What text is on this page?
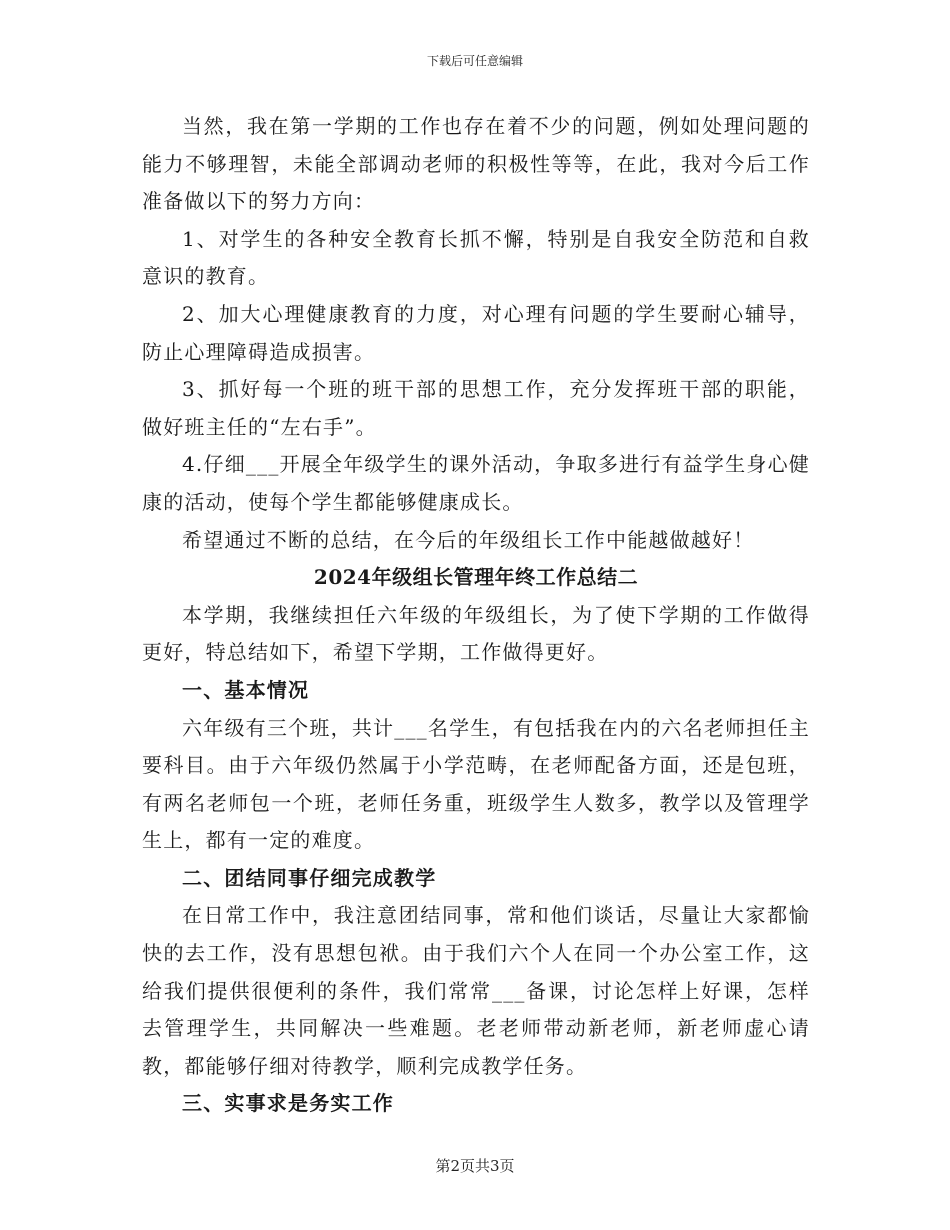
下载后可任意编辑

当然，我在第一学期的工作也存在着不少的问题，例如处理问题的能力不够理智，未能全部调动老师的积极性等等，在此，我对今后工作准备做以下的努力方向：

1、对学生的各种安全教育长抓不懈，特别是自我安全防范和自救意识的教育。

2、加大心理健康教育的力度，对心理有问题的学生要耐心辅导，防止心理障碍造成损害。

3、抓好每一个班的班干部的思想工作，充分发挥班干部的职能，做好班主任的“左右手”。

4.仔细___开展全年级学生的课外活动，争取多进行有益学生身心健康的活动，使每个学生都能够健康成长。

希望通过不断的总结，在今后的年级组长工作中能越做越好！

2024年级组长管理年终工作总结二

本学期，我继续担任六年级的年级组长，为了使下学期的工作做得更好，特总结如下，希望下学期，工作做得更好。

一、基本情况

六年级有三个班，共计___名学生，有包括我在内的六名老师担任主要科目。由于六年级仍然属于小学范畴，在老师配备方面，还是包班，有两名老师包一个班，老师任务重，班级学生人数多，教学以及管理学生上，都有一定的难度。

二、团结同事仔细完成教学

在日常工作中，我注意团结同事，常和他们谈话，尽量让大家都愉快的去工作，没有思想包袱。由于我们六个人在同一个办公室工作，这给我们提供很便利的条件，我们常常___备课，讨论怎样上好课，怎样去管理学生，共同解决一些难题。老老师带动新老师，新老师虚心请教，都能够仔细对待教学，顺利完成教学任务。

三、实事求是务实工作

第2页共3页
